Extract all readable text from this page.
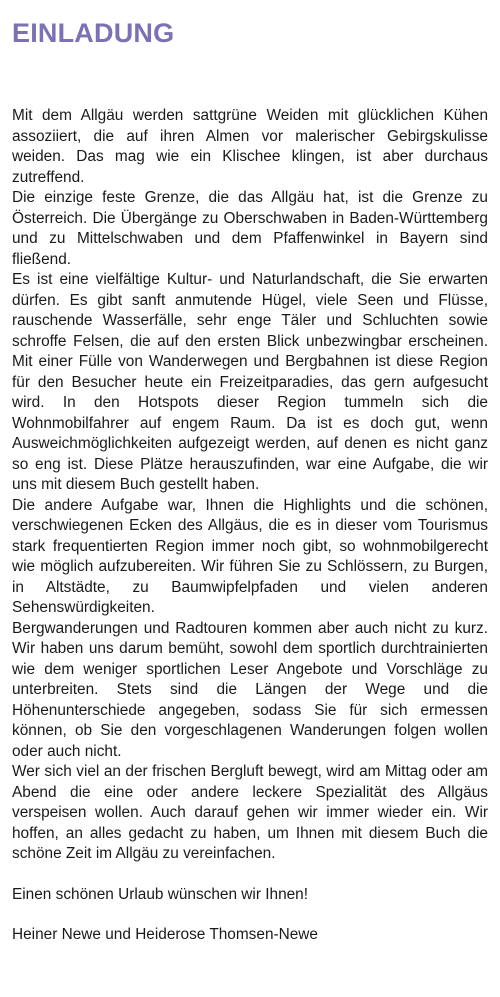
EINLADUNG

Mit dem Allgäu werden sattgrüne Weiden mit glücklichen Kühen assoziiert, die auf ihren Almen vor malerischer Gebirgskulisse weiden. Das mag wie ein Klischee klingen, ist aber durchaus zutreffend.

Die einzige feste Grenze, die das Allgäu hat, ist die Grenze zu Österreich. Die Übergänge zu Oberschwaben in Baden-Württemberg und zu Mittelschwaben und dem Pfaffenwinkel in Bayern sind fließend.

Es ist eine vielfältige Kultur- und Naturlandschaft, die Sie erwarten dürfen. Es gibt sanft anmutende Hügel, viele Seen und Flüsse, rauschende Wasserfälle, sehr enge Täler und Schluchten sowie schroffe Felsen, die auf den ersten Blick unbezwingbar erscheinen. Mit einer Fülle von Wanderwegen und Bergbahnen ist diese Region für den Besucher heute ein Freizeitparadies, das gern aufgesucht wird. In den Hotspots dieser Region tummeln sich die Wohnmobilfahrer auf engem Raum. Da ist es doch gut, wenn Ausweichmöglichkeiten aufgezeigt werden, auf denen es nicht ganz so eng ist. Diese Plätze herauszufinden, war eine Aufgabe, die wir uns mit diesem Buch gestellt haben.

Die andere Aufgabe war, Ihnen die Highlights und die schönen, verschwiegenen Ecken des Allgäus, die es in dieser vom Tourismus stark frequentierten Region immer noch gibt, so wohnmobilgerecht wie möglich aufzubereiten. Wir führen Sie zu Schlössern, zu Burgen, in Altstädte, zu Baumwipfelpfaden und vielen anderen Sehenswürdigkeiten.

Bergwanderungen und Radtouren kommen aber auch nicht zu kurz. Wir haben uns darum bemüht, sowohl dem sportlich durchtrainierten wie dem weniger sportlichen Leser Angebote und Vorschläge zu unterbreiten. Stets sind die Längen der Wege und die Höhenunterschiede angegeben, sodass Sie für sich ermessen können, ob Sie den vorgeschlagenen Wanderungen folgen wollen oder auch nicht.

Wer sich viel an der frischen Bergluft bewegt, wird am Mittag oder am Abend die eine oder andere leckere Spezialität des Allgäus verspeisen wollen. Auch darauf gehen wir immer wieder ein. Wir hoffen, an alles gedacht zu haben, um Ihnen mit diesem Buch die schöne Zeit im Allgäu zu vereinfachen.

Einen schönen Urlaub wünschen wir Ihnen!

Heiner Newe und Heiderose Thomsen-Newe
